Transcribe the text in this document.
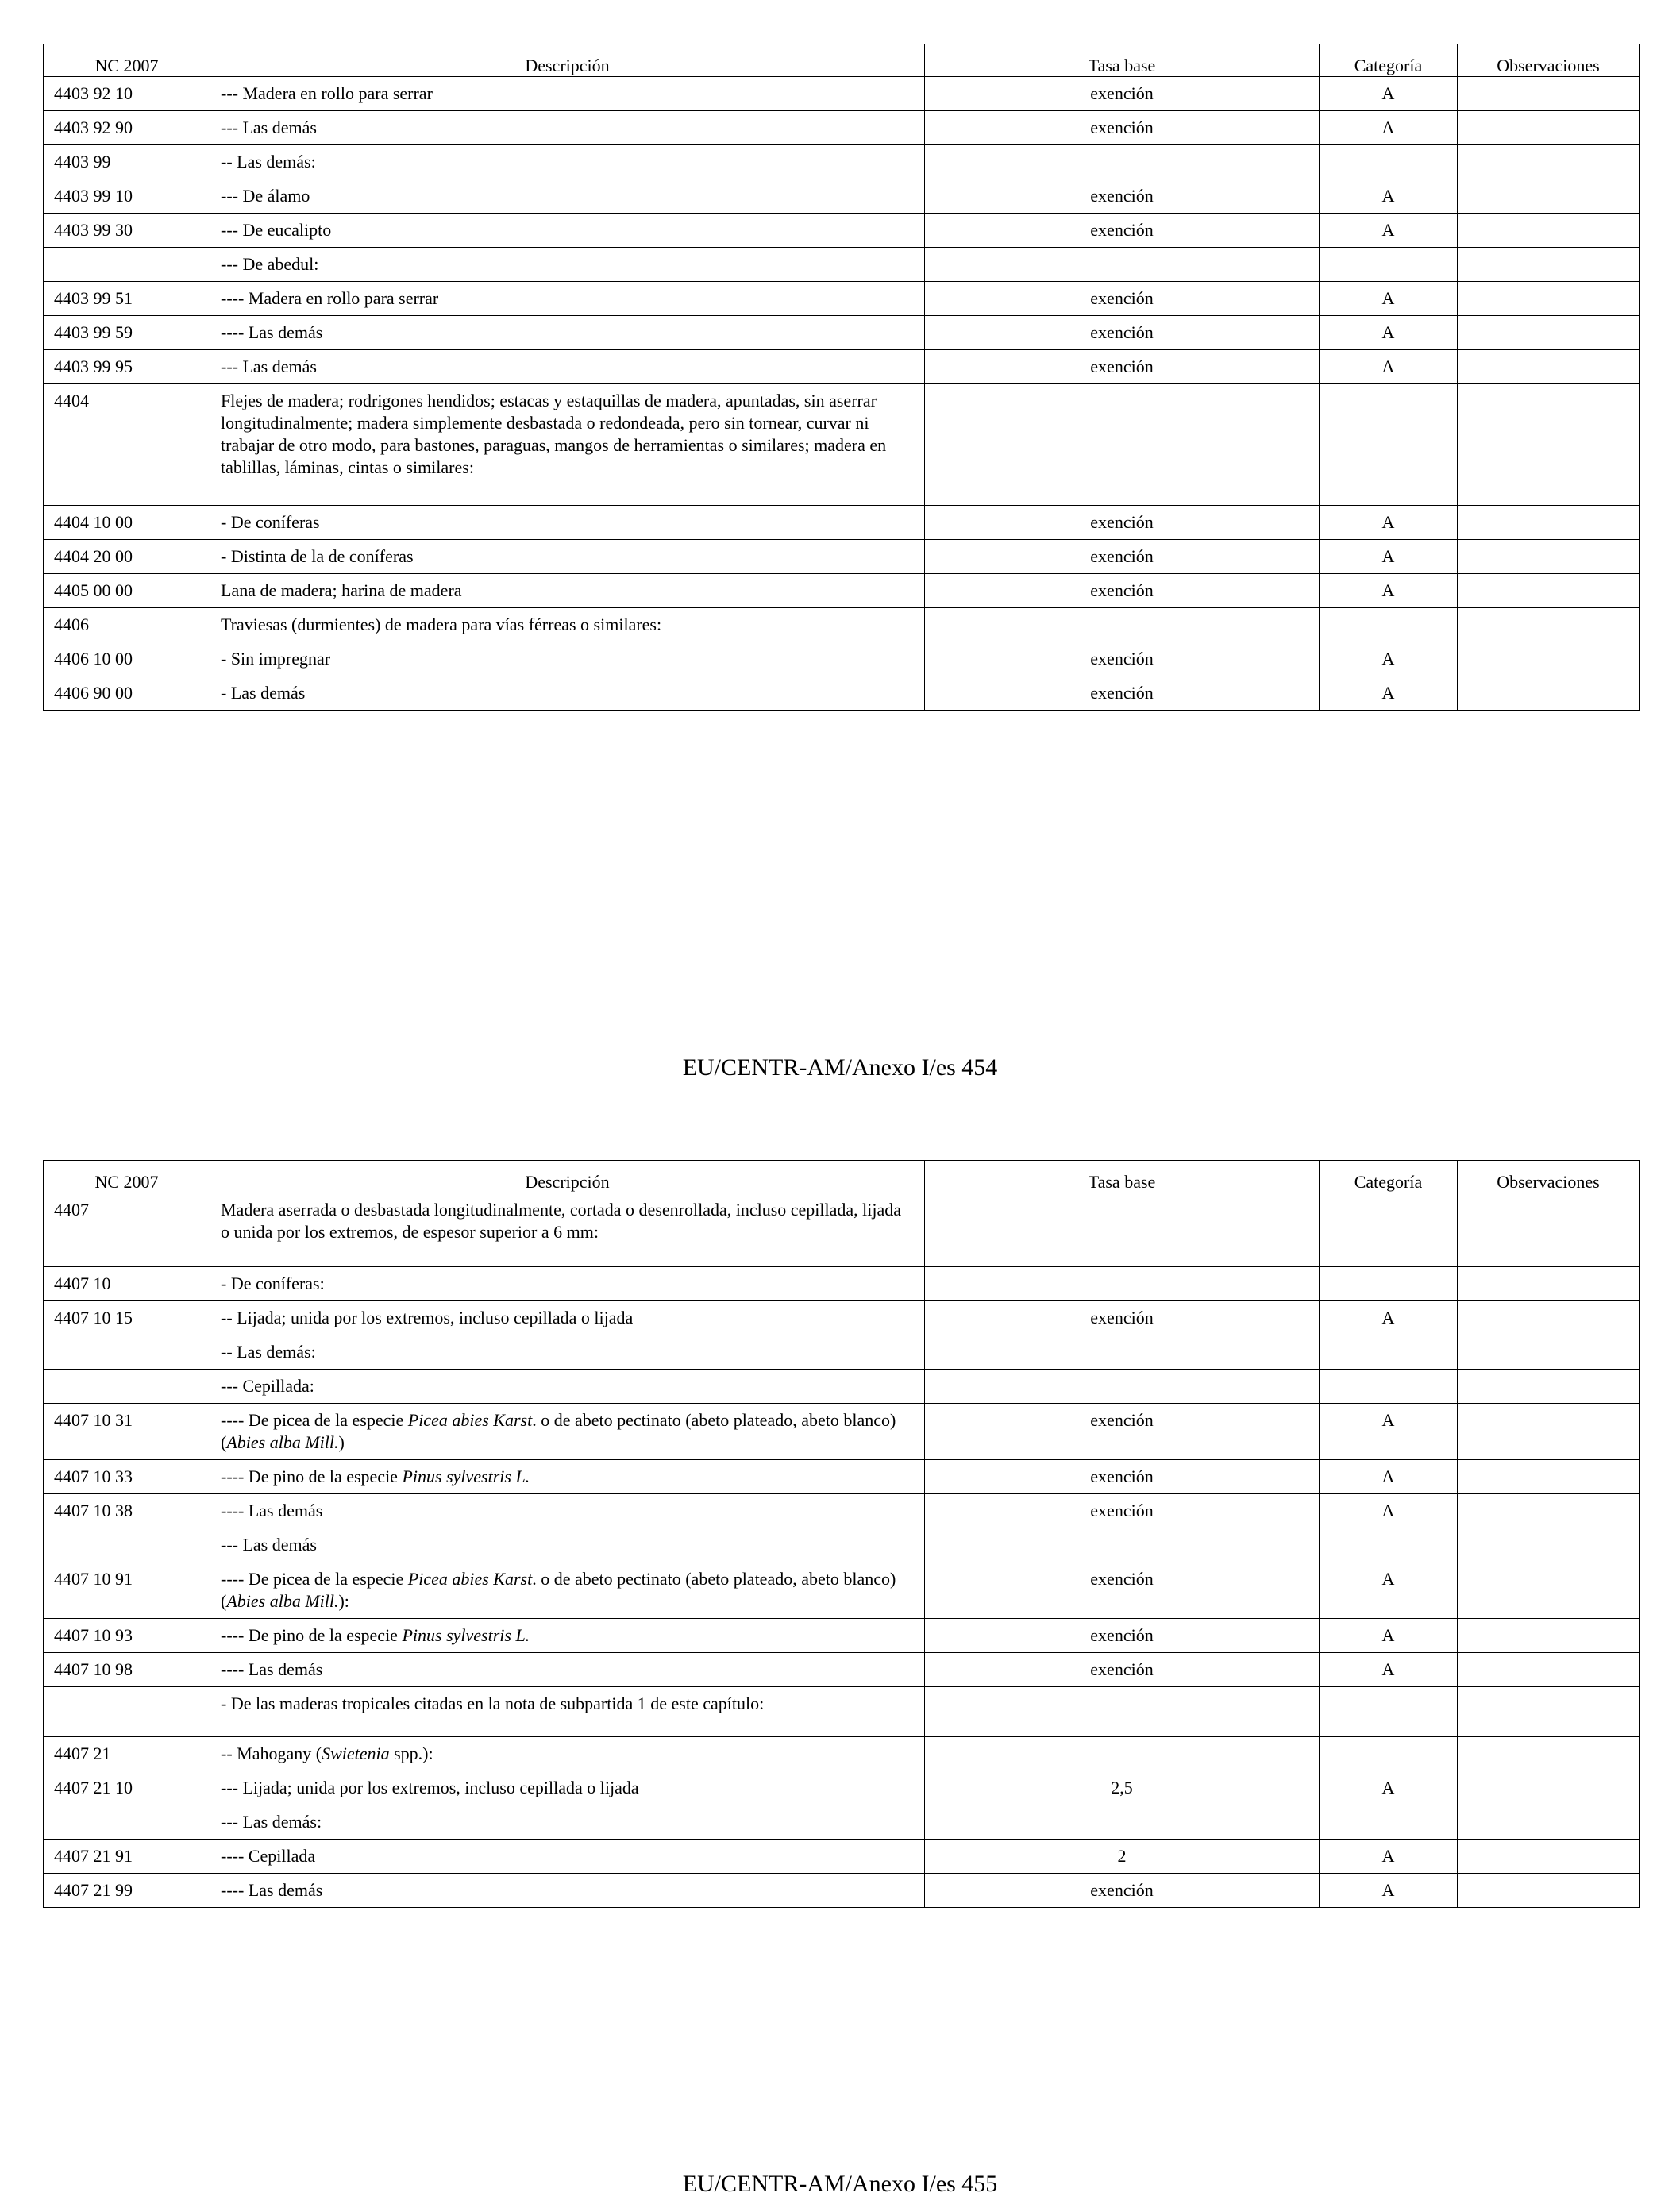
NC 2007	Descripción	Tasa base	Categoría	Observaciones
4403 92 10	--- Madera en rollo para serrar	exención	A	
4403 92 90	--- Las demás	exención	A	
4403 99	-- Las demás:			
4403 99 10	--- De álamo	exención	A	
4403 99 30	--- De eucalipto	exención	A	
	--- De abedul:			
4403 99 51	---- Madera en rollo para serrar	exención	A	
4403 99 59	---- Las demás	exención	A	
4403 99 95	--- Las demás	exención	A	
4404	Flejes de madera; rodrigones hendidos; estacas y estaquillas de madera, apuntadas, sin aserrar longitudinalmente; madera simplemente desbastada o redondeada, pero sin tornear, curvar ni trabajar de otro modo, para bastones, paraguas, mangos de herramientas o similares; madera en tablillas, láminas, cintas o similares:			
4404 10 00	- De coníferas	exención	A	
4404 20 00	- Distinta de la de coníferas	exención	A	
4405 00 00	Lana de madera; harina de madera	exención	A	
4406	Traviesas (durmientes) de madera para vías férreas o similares:			
4406 10 00	- Sin impregnar	exención	A	
4406 90 00	- Las demás	exención	A	
EU/CENTR-AM/Anexo I/es 454
NC 2007	Descripción	Tasa base	Categoría	Observaciones
4407	Madera aserrada o desbastada longitudinalmente, cortada o desenrollada, incluso cepillada, lijada o unida por los extremos, de espesor superior a 6 mm:			
4407 10	- De coníferas:			
4407 10 15	-- Lijada; unida por los extremos, incluso cepillada o lijada	exención	A	
	-- Las demás:			
	--- Cepillada:			
4407 10 31	---- De picea de la especie Picea abies Karst. o de abeto pectinato (abeto plateado, abeto blanco) (Abies alba Mill.)	exención	A	
4407 10 33	---- De pino de la especie Pinus sylvestris L.	exención	A	
4407 10 38	---- Las demás	exención	A	
	--- Las demás			
4407 10 91	---- De picea de la especie Picea abies Karst. o de abeto pectinato (abeto plateado, abeto blanco) (Abies alba Mill.):	exención	A	
4407 10 93	---- De pino de la especie Pinus sylvestris L.	exención	A	
4407 10 98	---- Las demás	exención	A	
	- De las maderas tropicales citadas en la nota de subpartida 1 de este capítulo:			
4407 21	-- Mahogany (Swietenia spp.):			
4407 21 10	--- Lijada; unida por los extremos, incluso cepillada o lijada	2,5	A	
	--- Las demás:			
4407 21 91	---- Cepillada	2	A	
4407 21 99	---- Las demás	exención	A	
EU/CENTR-AM/Anexo I/es 455
